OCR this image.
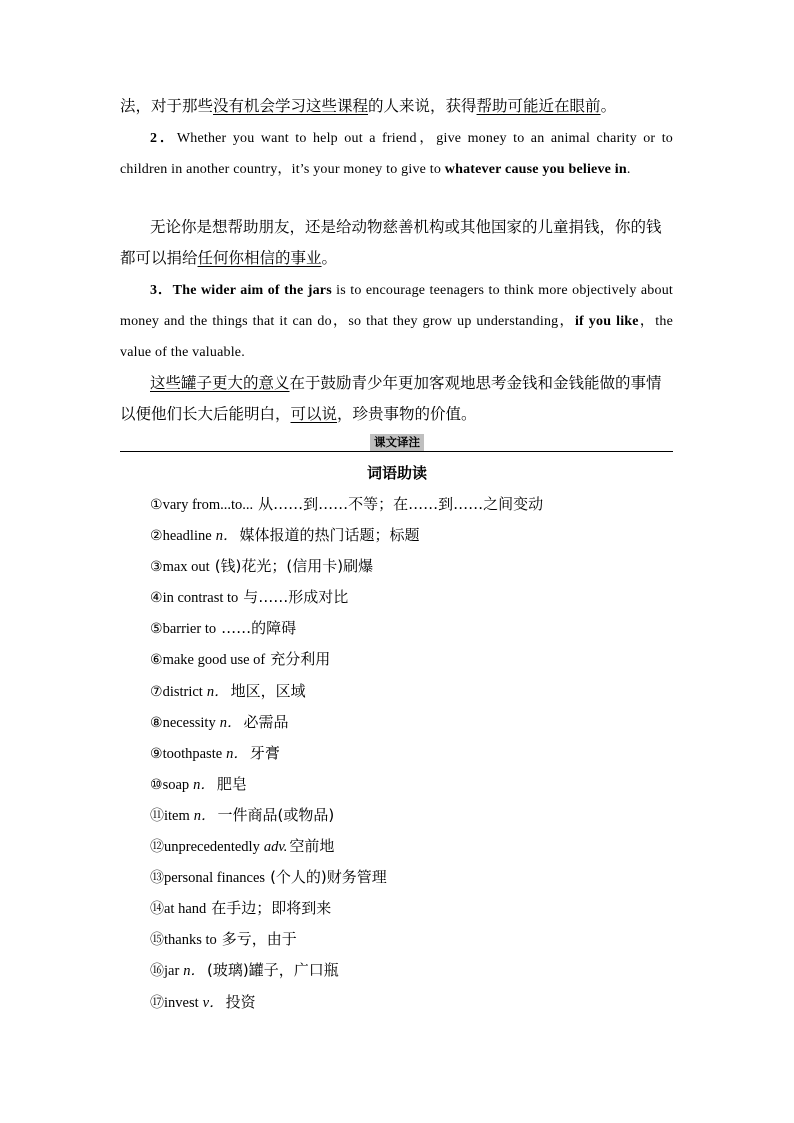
法，对于那些没有机会学习这些课程的人来说，获得帮助可能近在眼前。

2．Whether you want to help out a friend，give money to an animal charity or to children in another country，it’s your money to give to whatever cause you believe in.

无论你是想帮助朋友，还是给动物慈善机构或其他国家的儿童捐钱，你的钱都可以捐给任何你相信的事业。

3．The wider aim of the jars is to encourage teenagers to think more objectively about money and the things that it can do，so that they grow up understanding，if you like，the value of the valuable.

这些罐子更大的意义在于鼓励青少年更加客观地思考金钱和金钱能做的事情以便他们长大后能明白，可以说，珍贵事物的价值。

课文译注
词语助读
①vary from...to... 从……到……不等；在……到……之间变动
②headline n． 媒体报道的热门话题；标题
③max out (钱)花光；(信用卡)刷爆
④in contrast to 与……形成对比
⑤barrier to ……的障碍
⑥make good use of 充分利用
⑦district n． 地区，区域
⑧necessity n． 必需品
⑨toothpaste n． 牙膏
⑩soap n． 肥皂
⑪item n． 一件商品(或物品)
⑫unprecedentedly adv. 空前地
⑬personal finances (个人的)财务管理
⑭at hand 在手边；即将到来
⑮thanks to 多亏，由于
⑯jar n． (玻璃)罐子，广口瓶
⑰invest v． 投资
